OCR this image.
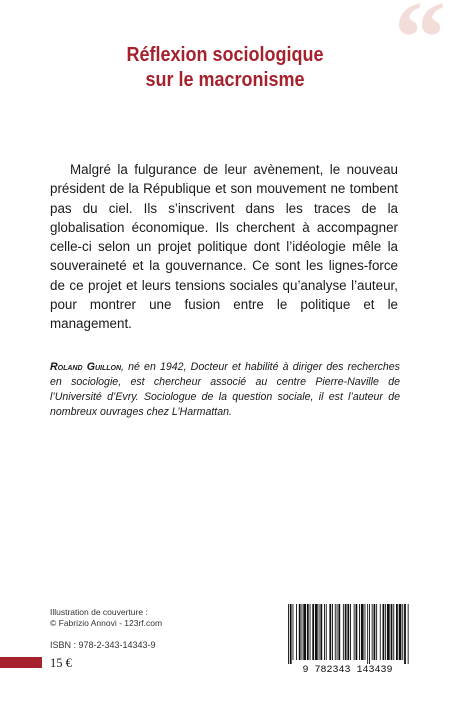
“
Réflexion sociologique
sur le macronisme

Malgré la fulgurance de leur avènement, le nouveau président de la République et son mouvement ne tombent pas du ciel. Ils s’inscrivent dans les traces de la globalisation économique. Ils cherchent à accompagner celle-ci selon un projet politique dont l’idéologie mêle la souveraineté et la gouvernance. Ce sont les lignes-force de ce projet et leurs tensions sociales qu’analyse l’auteur, pour montrer une fusion entre le politique et le management.

Roland Guillon, né en 1942, Docteur et habilité à diriger des recherches en sociologie, est chercheur associé au centre Pierre-Naville de l’Université d’Evry. Sociologue de la question sociale, il est l’auteur de nombreux ouvrages chez L’Harmattan.

Illustration de couverture :
© Fabrizio Annovi - 123rf.com
ISBN : 978-2-343-14343-9
15 €
9 782343 143439
